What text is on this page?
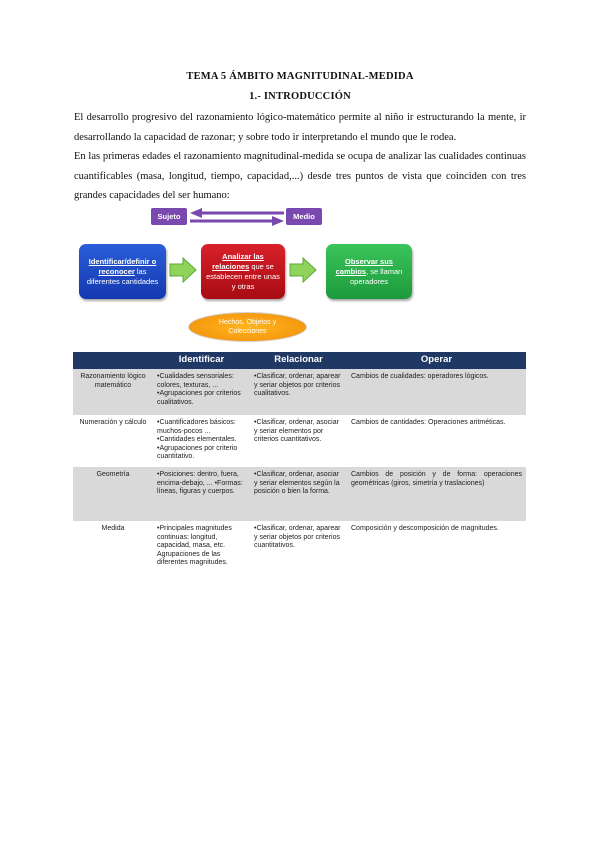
TEMA 5 ÁMBITO MAGNITUDINAL-MEDIDA
1.- INTRODUCCIÓN
El desarrollo progresivo del razonamiento lógico-matemático permite al niño ir estructurando la mente, ir desarrollando la capacidad de razonar; y sobre todo ir interpretando el mundo que le rodea.
En las primeras edades el razonamiento magnitudinal-medida se ocupa de analizar las cualidades continuas cuantificables (masa, longitud, tiempo, capacidad,...) desde tres puntos de vista que coinciden con tres grandes capacidades del ser humano:
Sujeto	Medio
Identificar/definir o reconocer las diferentes cantidades
Analizar las relaciones que se establecen entre unas y otras
Observar sus cambios, se llaman operadores
Hechos, Objetos y Colecciones
	Identificar	Relacionar	Operar
Razonamiento lógico matemático	•Cualidades sensoriales: colores, texturas, ... •Agrupaciones por criterios cualitativos.	•Clasificar, ordenar, aparear y seriar objetos por criterios cualitativos.	Cambios de cualidades: operadores lógicos.
Numeración y cálculo	•Cuantificadores básicos: muchos-pocos ... •Cantidades elementales. •Agrupaciones por criterio cuantitativo.	•Clasificar, ordenar, asociar y seriar elementos por criterios cuantitativos.	Cambios de cantidades: Operaciones aritméticas.
Geometría	•Posiciones: dentro, fuera, encima-debajo, ... •Formas: líneas, figuras y cuerpos.	•Clasificar, ordenar, asociar y seriar elementos según la posición o bien la forma.	Cambios de posición y de forma: operaciones geométricas (giros, simetría y traslaciones)
Medida	•Principales magnitudes continuas: longitud, capacidad, masa, etc. Agrupaciones de las diferentes magnitudes.	•Clasificar, ordenar, aparear y seriar objetos por criterios cuantitativos.	Composición y descomposición de magnitudes.
